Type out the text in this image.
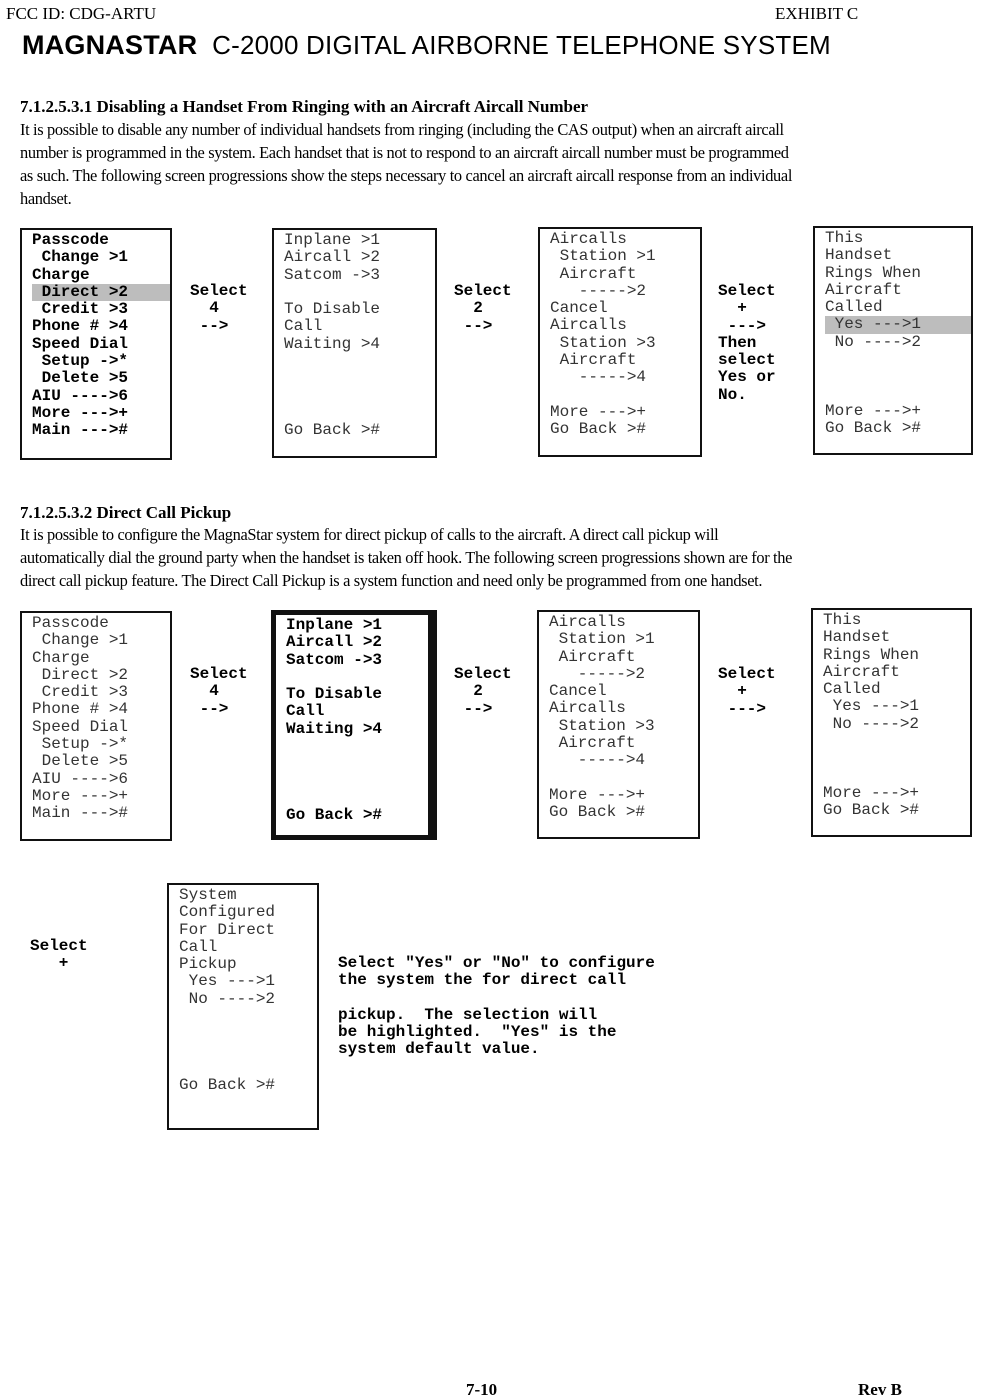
FCC ID: CDG-ARTU	EXHIBIT C
MAGNASTAR C-2000 DIGITAL AIRBORNE TELEPHONE SYSTEM
7.1.2.5.3.1 Disabling a Handset From Ringing with an Aircraft Aircall Number
It is possible to disable any number of individual handsets from ringing (including the CAS output) when an aircraft aircall
number is programmed in the system. Each handset that is not to respond to an aircraft aircall number must be programmed
as such. The following screen progressions show the steps necessary to cancel an aircraft aircall response from an individual
handset.
Passcode
Change >1
Charge
Direct >2
Credit >3
Phone # >4
Speed Dial
Setup ->*
Delete >5
AIU ---->6
More --->+
Main --->#
Select
4
-->
Inplane >1
Aircall >2
Satcom ->3
To Disable
Call
Waiting >4
Go Back >#
Select
2
-->
Aircalls
Station >1
Aircraft
----->2
Cancel
Aircalls
Station >3
Aircraft
----->4
More --->+
Go Back >#
Select
+
--->
Then
select
Yes or
No.
This
Handset
Rings When
Aircraft
Called
Yes --->1
No ---->2
More --->+
Go Back >#
7.1.2.5.3.2 Direct Call Pickup
It is possible to configure the MagnaStar system for direct pickup of calls to the aircraft. A direct call pickup will
automatically dial the ground party when the handset is taken off hook. The following screen progressions shown are for the
direct call pickup feature. The Direct Call Pickup is a system function and need only be programmed from one handset.
Passcode
Change >1
Charge
Direct >2
Credit >3
Phone # >4
Speed Dial
Setup ->*
Delete >5
AIU ---->6
More --->+
Main --->#
Select
4
-->
Inplane >1
Aircall >2
Satcom ->3
To Disable
Call
Waiting >4
Go Back >#
Select
2
-->
Aircalls
Station >1
Aircraft
----->2
Cancel
Aircalls
Station >3
Aircraft
----->4
More --->+
Go Back >#
Select
+
--->
This
Handset
Rings When
Aircraft
Called
Yes --->1
No ---->2
More --->+
Go Back >#
Select
+
System
Configured
For Direct
Call
Pickup
Yes --->1
No ---->2
Go Back >#
Select "Yes" or "No" to configure
the system the for direct call
pickup.  The selection will
be highlighted.  "Yes" is the
system default value.
7-10	Rev B
